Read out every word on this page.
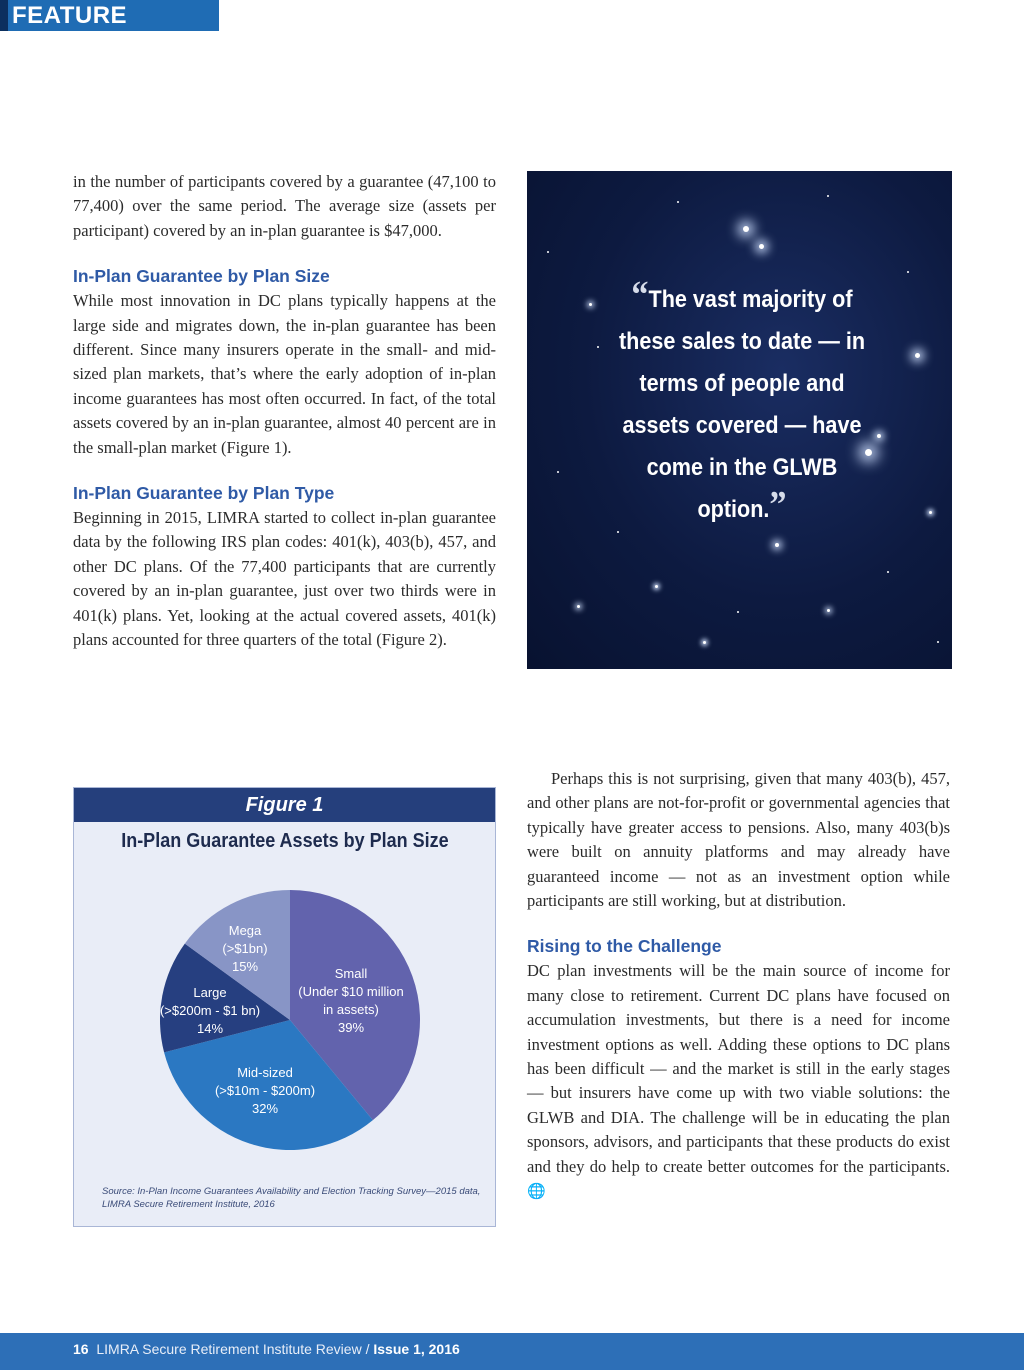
FEATURE

in the number of participants covered by a guarantee (47,100 to 77,400) over the same period. The average size (assets per participant) covered by an in-plan guarantee is $47,000.

In-Plan Guarantee by Plan Size

While most innovation in DC plans typically happens at the large side and migrates down, the in-plan guarantee has been different. Since many insurers operate in the small- and mid-sized plan markets, that’s where the early adoption of in-plan income guarantees has most often occurred. In fact, of the total assets covered by an in-plan guarantee, almost 40 percent are in the small-plan market (Figure 1).

In-Plan Guarantee by Plan Type

Beginning in 2015, LIMRA started to collect in-plan guarantee data by the following IRS plan codes: 401(k), 403(b), 457, and other DC plans. Of the 77,400 participants that are currently covered by an in-plan guarantee, just over two thirds were in 401(k) plans. Yet, looking at the actual covered assets, 401(k) plans accounted for three quarters of the total (Figure 2).

“The vast majority of these sales to date — in terms of people and assets covered — have come in the GLWB option.”
Figure 1
In-Plan Guarantee Assets by Plan Size
Small
(Under $10 million
in assets)
39%
Mid-sized
(>$10m - $200m)
32%
Large
(>$200m - $1 bn)
14%
Mega
(>$1bn)
15%
Source: In-Plan Income Guarantees Availability and Election Tracking Survey—2015 data, LIMRA Secure Retirement Institute, 2016

Perhaps this is not surprising, given that many 403(b), 457, and other plans are not-for-profit or governmental agencies that typically have greater access to pensions. Also, many 403(b)s were built on annuity platforms and may already have guaranteed income — not as an investment option while participants are still working, but at distribution.

Rising to the Challenge

DC plan investments will be the main source of income for many close to retirement. Current DC plans have focused on accumulation investments, but there is a need for income investment options as well. Adding these options to DC plans has been difficult — and the market is still in the early stages — but insurers have come up with two viable solutions: the GLWB and DIA. The challenge will be in educating the plan sponsors, advisors, and participants that these products do exist and they do help to create better outcomes for the participants. 🌐

16 LIMRA Secure Retirement Institute Review / Issue 1, 2016
